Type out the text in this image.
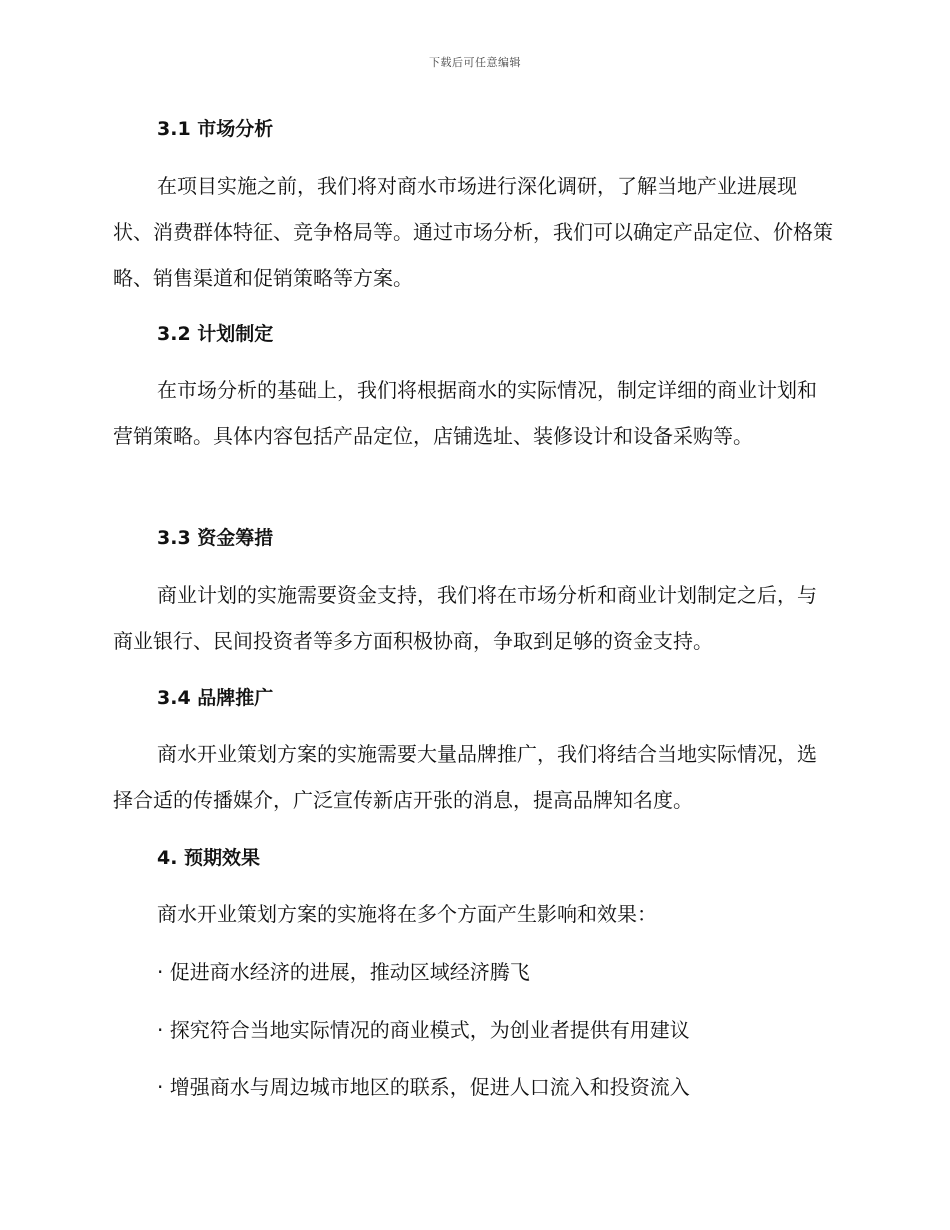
下载后可任意编辑
3.1 市场分析

在项目实施之前，我们将对商水市场进行深化调研，了解当地产业进展现状、消费群体特征、竞争格局等。通过市场分析，我们可以确定产品定位、价格策略、销售渠道和促销策略等方案。

3.2 计划制定

在市场分析的基础上，我们将根据商水的实际情况，制定详细的商业计划和营销策略。具体内容包括产品定位，店铺选址、装修设计和设备采购等。

3.3 资金筹措

商业计划的实施需要资金支持，我们将在市场分析和商业计划制定之后，与商业银行、民间投资者等多方面积极协商，争取到足够的资金支持。

3.4 品牌推广

商水开业策划方案的实施需要大量品牌推广，我们将结合当地实际情况，选择合适的传播媒介，广泛宣传新店开张的消息，提高品牌知名度。

4. 预期效果
商水开业策划方案的实施将在多个方面产生影响和效果：
· 促进商水经济的进展，推动区域经济腾飞
· 探究符合当地实际情况的商业模式，为创业者提供有用建议
· 增强商水与周边城市地区的联系，促进人口流入和投资流入
